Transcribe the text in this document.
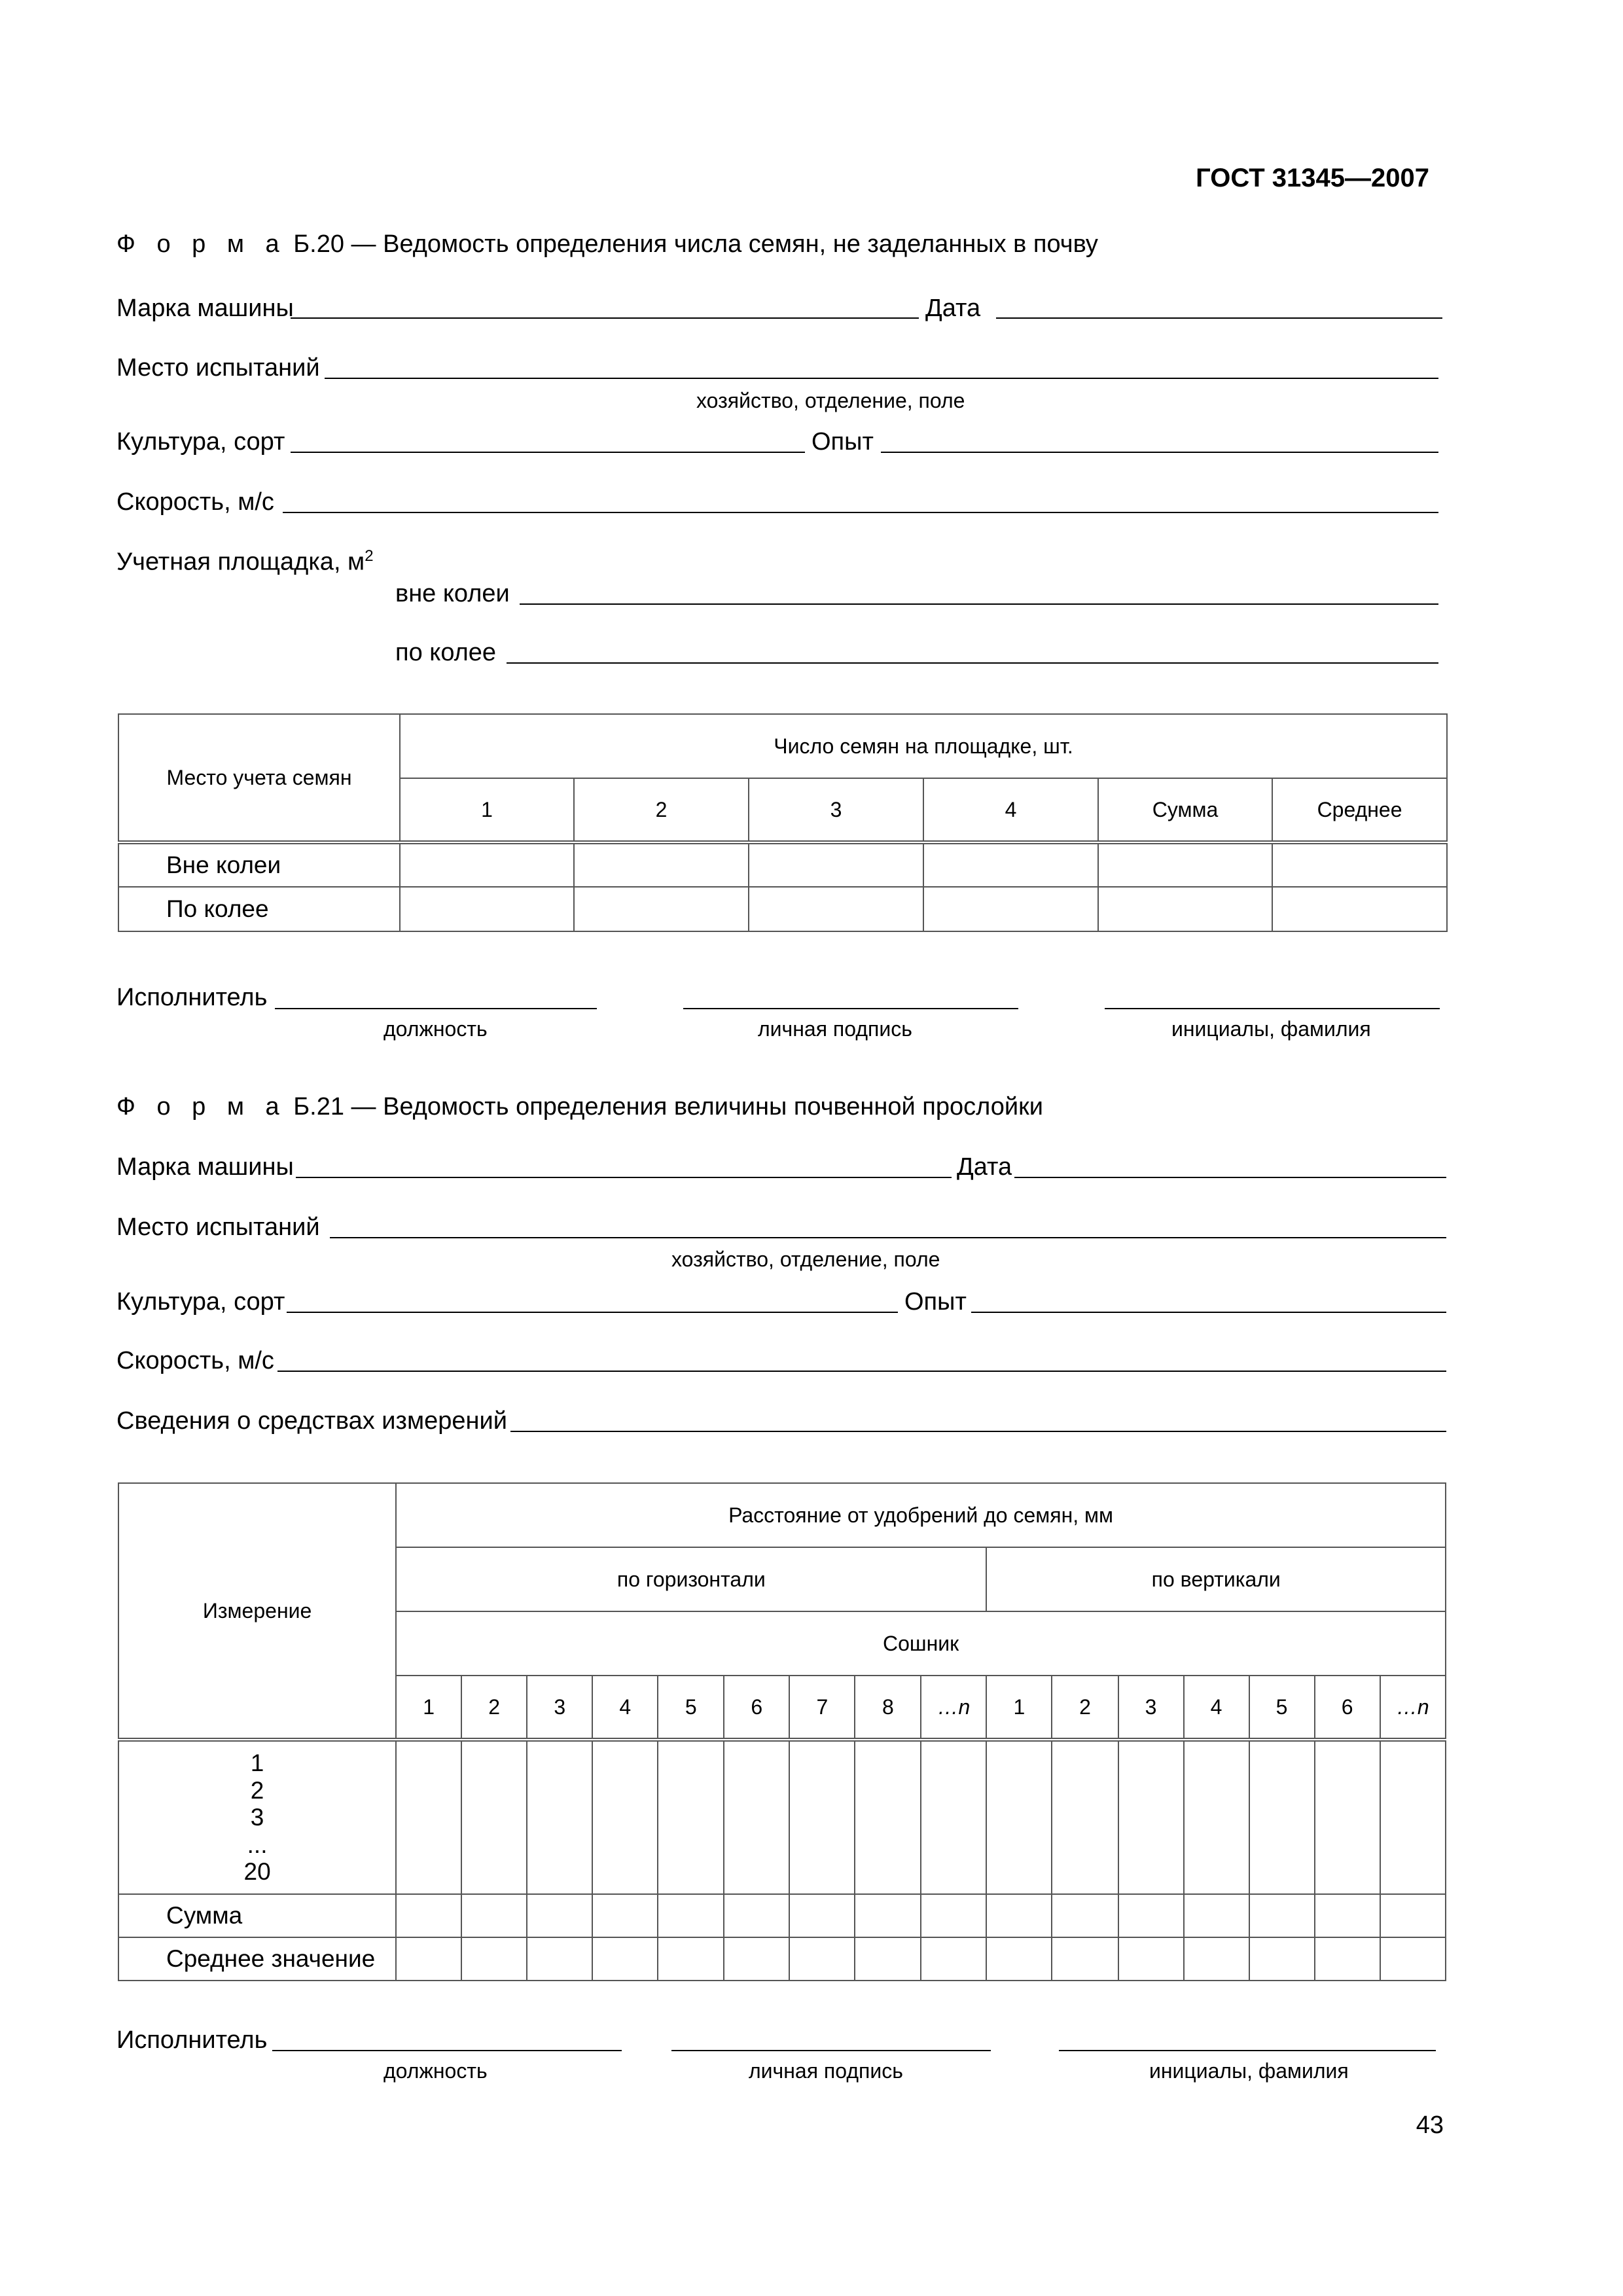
ГОСТ 31345—2007
Ф о р м а Б.20 — Ведомость определения числа семян, не заделанных в почву
Марка машины	Дата
Место испытаний
хозяйство, отделение, поле
Культура, сорт	Опыт
Скорость, м/с
Учетная площадка, $м^2$
вне колеи
по колее
Место учета семян	Число семян на площадке, шт.					
	1	2	3	4	Сумма	Среднее
Вне колеи						
По колее						
Исполнитель
должность	личная подпись	инициалы, фамилия
Ф о р м а Б.21 — Ведомость определения величины почвенной прослойки
Марка машины	Дата
Место испытаний
хозяйство, отделение, поле
Культура, сорт	Опыт
Скорость, м/с
Сведения о средствах измерений
Измерение	Расстояние от удобрений до семян, мм															
	по горизонтали									по вертикали						
	Сошник															
	1	2	3	4	5	6	7	8	…n	1	2	3	4	5	6	…n

1
2
3
...
20																

Сумма																
Среднее значение																
Исполнитель
должность	личная подпись	инициалы, фамилия
43
